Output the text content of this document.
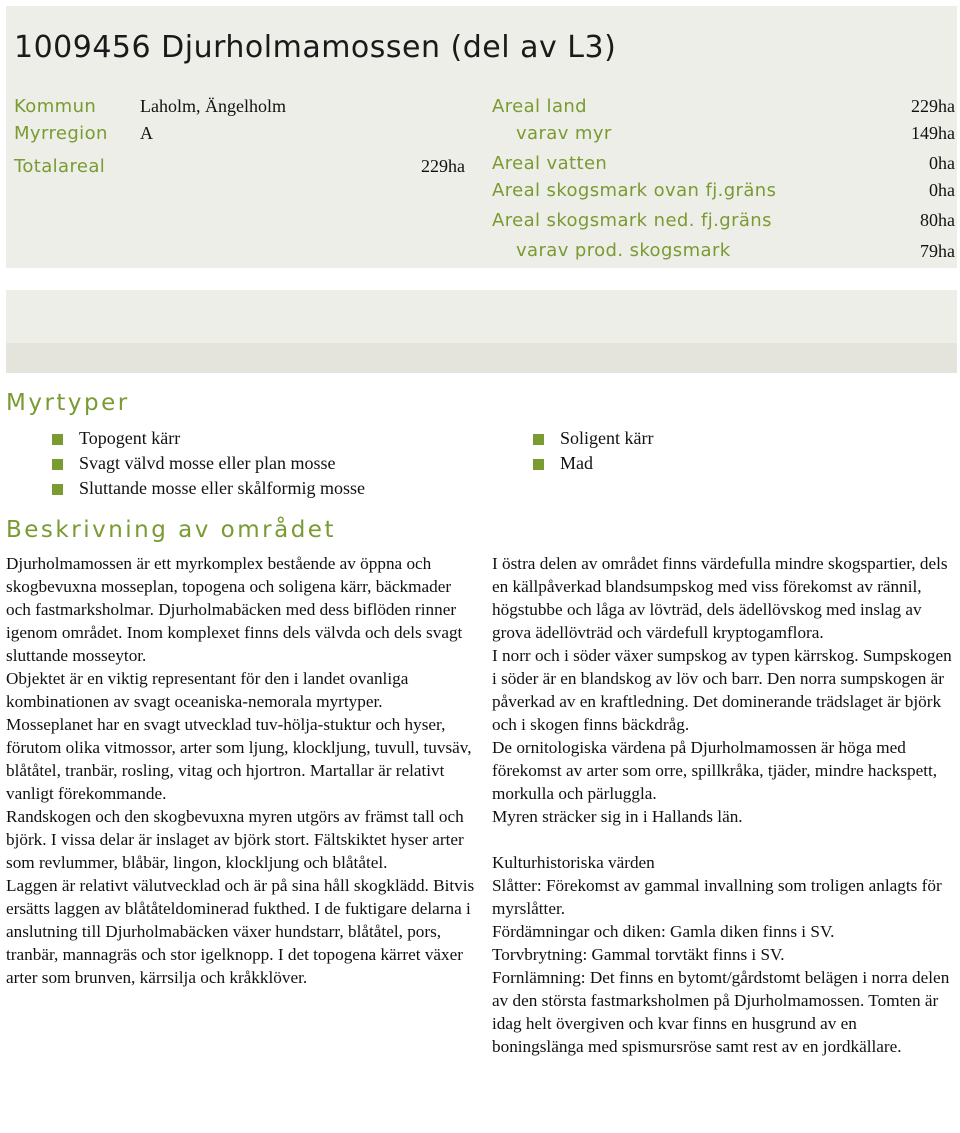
1009456 Djurholmamossen (del av L3)
Kommun Laholm, Ängelholm
Myrregion A
Totalareal	229ha
Areal land	229ha
varav myr	149ha
Areal vatten	0ha
Areal skogsmark ovan fj.gräns	0ha
Areal skogsmark ned. fj.gräns	80ha
varav prod. skogsmark	79ha
Myrtyper
Topogent kärr
Svagt välvd mosse eller plan mosse
Sluttande mosse eller skålformig mosse
Soligent kärr
Mad
Beskrivning av området

Djurholmamossen är ett myrkomplex bestående av öppna och skogbevuxna mosseplan, topogena och soligena kärr, bäckmader och fastmarksholmar. Djurholmabäcken med dess biflöden rinner igenom området. Inom komplexet finns dels välvda och dels svagt sluttande mosseytor.

Objektet är en viktig representant för den i landet ovanliga kombinationen av svagt oceaniska-nemorala myrtyper.

Mosseplanet har en svagt utvecklad tuv-hölja-stuktur och hyser, förutom olika vitmossor, arter som ljung, klockljung, tuvull, tuvsäv, blåtåtel, tranbär, rosling, vitag och hjortron. Martallar är relativt vanligt förekommande.

Randskogen och den skogbevuxna myren utgörs av främst tall och björk. I vissa delar är inslaget av björk stort. Fältskiktet hyser arter som revlummer, blåbär, lingon, klockljung och blåtåtel.

Laggen är relativt välutvecklad och är på sina håll skogklädd. Bitvis ersätts laggen av blåtåteldominerad fukthed. I de fuktigare delarna i anslutning till Djurholmabäcken växer hundstarr, blåtåtel, pors, tranbär, mannagräs och stor igelknopp. I det topogena kärret växer arter som brunven, kärrsilja och kråkklöver.

I östra delen av området finns värdefulla mindre skogspartier, dels en källpåverkad blandsumpskog med viss förekomst av rännil, högstubbe och låga av lövträd, dels ädellövskog med inslag av grova ädellövträd och värdefull kryptogamflora.

I norr och i söder växer sumpskog av typen kärrskog. Sumpskogen i söder är en blandskog av löv och barr. Den norra sumpskogen är påverkad av en kraftledning. Det dominerande trädslaget är björk och i skogen finns bäckdråg.

De ornitologiska värdena på Djurholmamossen är höga med förekomst av arter som orre, spillkråka, tjäder, mindre hackspett, morkulla och pärluggla.

Myren sträcker sig in i Hallands län.

Kulturhistoriska värden

Slåtter: Förekomst av gammal invallning som troligen anlagts för myrslåtter.

Fördämningar och diken: Gamla diken finns i SV.

Torvbrytning: Gammal torvtäkt finns i SV.

Fornlämning: Det finns en bytomt/gårdstomt belägen i norra delen av den största fastmarksholmen på Djurholmamossen. Tomten är idag helt övergiven och kvar finns en husgrund av en boningslänga med spismursröse samt rest av en jordkällare.
